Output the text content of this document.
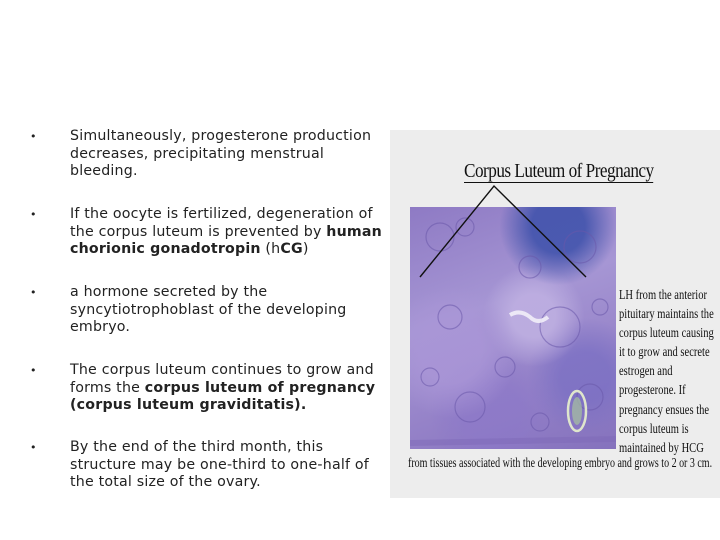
• Simultaneously, progesterone production decreases, precipitating menstrual bleeding.
• If the oocyte is fertilized, degeneration of the corpus luteum is prevented by human chorionic gonadotropin (hCG)
• a hormone secreted by the syncytiotrophoblast of the developing embryo.
• The corpus luteum continues to grow and forms the corpus luteum of pregnancy (corpus luteum graviditatis).
• By the end of the third month, this structure may be one-third to one-half of the total size of the ovary.
Corpus Luteum of Pregnancy
LH from the anterior
pituitary maintains the
corpus luteum causing
it to grow and secrete
estrogen and
progesterone. If
pregnancy ensues the
corpus luteum is
maintained by HCG
from tissues associated with the developing embryo and grows to 2 or 3 cm.
